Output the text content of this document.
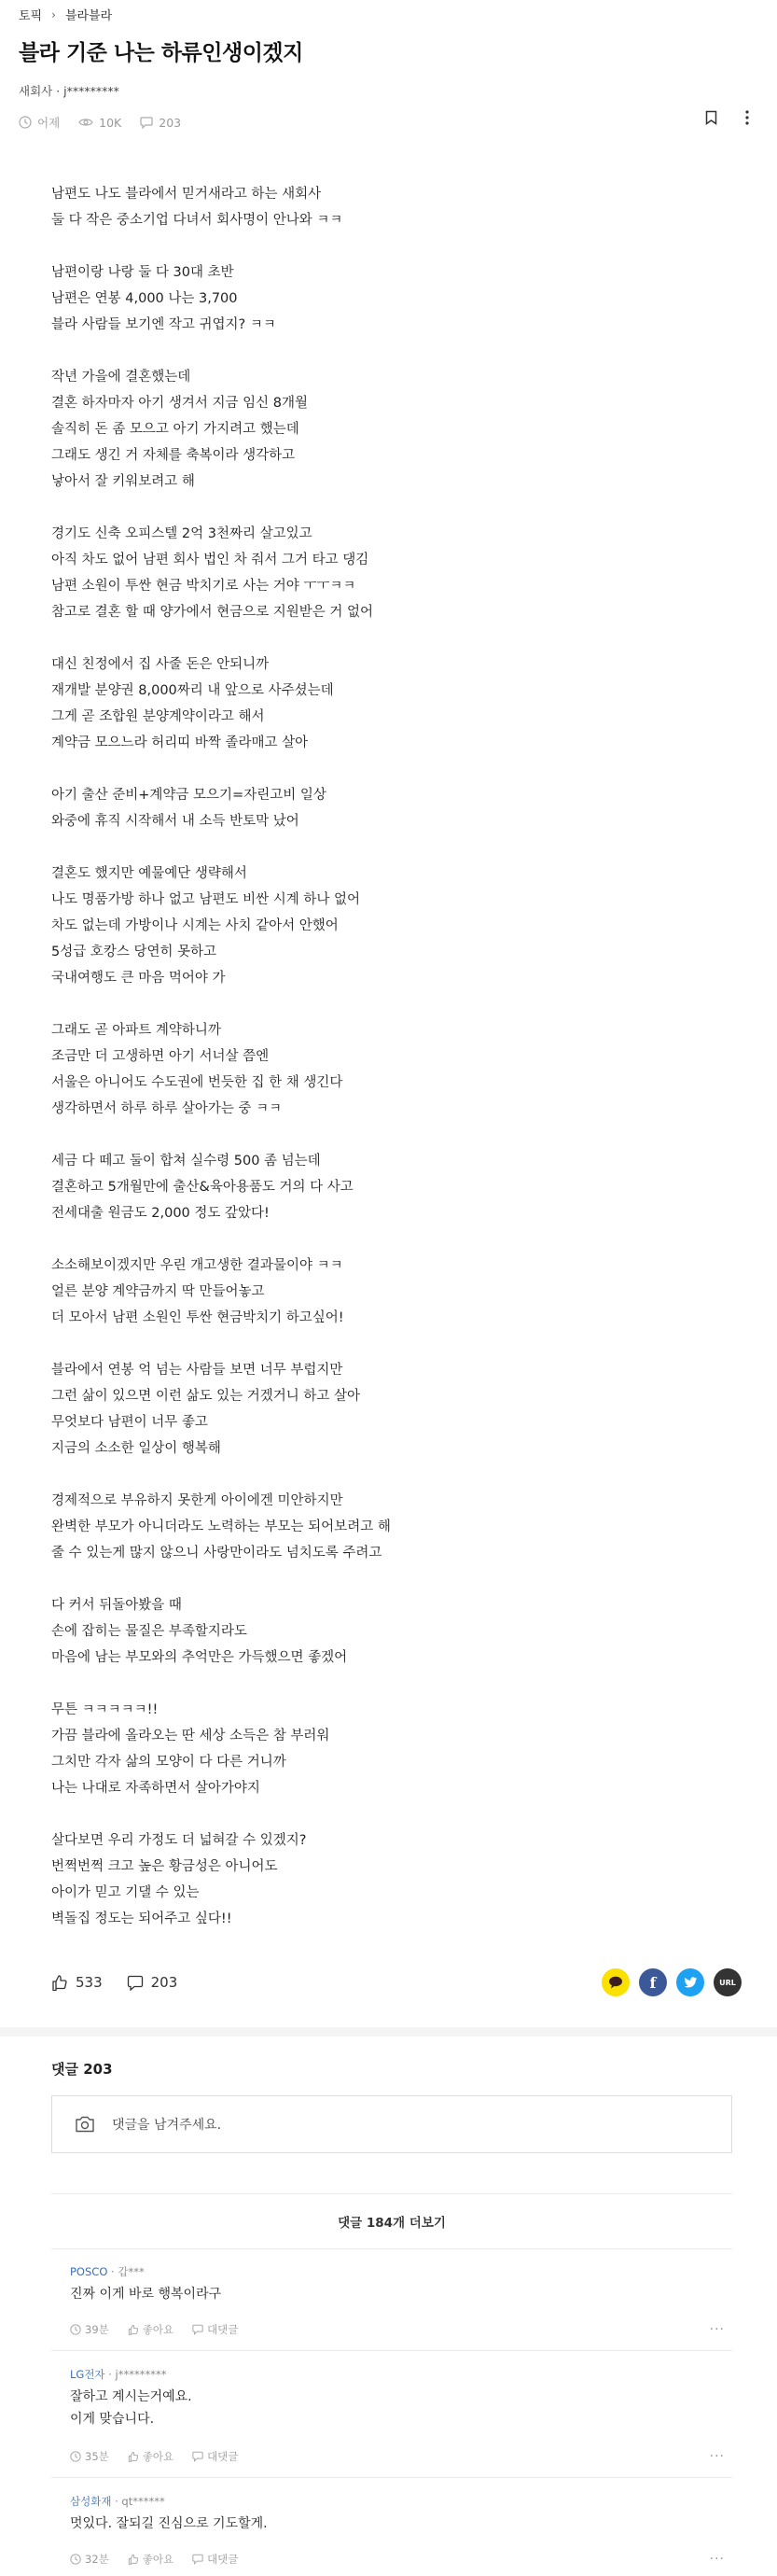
토픽 › 블라블라
블라 기준 나는 하류인생이겠지
새회사 · j*********
어제	10K	203

남편도 나도 블라에서 믿거새라고 하는 새회사
둘 다 작은 중소기업 다녀서 회사명이 안나와 ㅋㅋ

남편이랑 나랑 둘 다 30대 초반
남편은 연봉 4,000 나는 3,700
블라 사람들 보기엔 작고 귀엽지? ㅋㅋ

작년 가을에 결혼했는데
결혼 하자마자 아기 생겨서 지금 임신 8개월
솔직히 돈 좀 모으고 아기 가지려고 했는데
그래도 생긴 거 자체를 축복이라 생각하고
낳아서 잘 키워보려고 해

경기도 신축 오피스텔 2억 3천짜리 살고있고
아직 차도 없어 남편 회사 법인 차 줘서 그거 타고 댕김
남편 소원이 투싼 현금 박치기로 사는 거야 ㅜㅜㅋㅋ
참고로 결혼 할 때 양가에서 현금으로 지원받은 거 없어

대신 친정에서 집 사줄 돈은 안되니까
재개발 분양권 8,000짜리 내 앞으로 사주셨는데
그게 곧 조합원 분양계약이라고 해서
계약금 모으느라 허리띠 바짝 졸라매고 살아

아기 출산 준비+계약금 모으기=자린고비 일상
와중에 휴직 시작해서 내 소득 반토막 났어

결혼도 했지만 예물예단 생략해서
나도 명품가방 하나 없고 남편도 비싼 시계 하나 없어
차도 없는데 가방이나 시계는 사치 같아서 안했어
5성급 호캉스 당연히 못하고
국내여행도 큰 마음 먹어야 가

그래도 곧 아파트 계약하니까
조금만 더 고생하면 아기 서너살 쯤엔
서울은 아니어도 수도권에 번듯한 집 한 채 생긴다
생각하면서 하루 하루 살아가는 중 ㅋㅋ

세금 다 떼고 둘이 합쳐 실수령 500 좀 넘는데
결혼하고 5개월만에 출산&육아용품도 거의 다 사고
전세대출 원금도 2,000 정도 갚았다!

소소해보이겠지만 우린 개고생한 결과물이야 ㅋㅋ
얼른 분양 계약금까지 딱 만들어놓고
더 모아서 남편 소원인 투싼 현금박치기 하고싶어!

블라에서 연봉 억 넘는 사람들 보면 너무 부럽지만
그런 삶이 있으면 이런 삶도 있는 거겠거니 하고 살아
무엇보다 남편이 너무 좋고
지금의 소소한 일상이 행복해

경제적으로 부유하지 못한게 아이에겐 미안하지만
완벽한 부모가 아니더라도 노력하는 부모는 되어보려고 해
줄 수 있는게 많지 않으니 사랑만이라도 넘치도록 주려고

다 커서 뒤돌아봤을 때
손에 잡히는 물질은 부족할지라도
마음에 남는 부모와의 추억만은 가득했으면 좋겠어

무튼 ㅋㅋㅋㅋㅋ!!
가끔 블라에 올라오는 딴 세상 소득은 참 부러워
그치만 각자 삶의 모양이 다 다른 거니까
나는 나대로 자족하면서 살아가야지

살다보면 우리 가정도 더 넓혀갈 수 있겠지?
번쩍번쩍 크고 높은 황금성은 아니어도
아이가 믿고 기댈 수 있는
벽돌집 정도는 되어주고 싶다!!

533	203	f	URL
댓글 203
댓글을 남겨주세요.
댓글 184개 더보기
POSCO · 갑***
진짜 이게 바로 행복이라구
39분	좋아요	대댓글	···
LG전자 · j*********
잘하고 계시는거예요.
이게 맞습니다.
35분	좋아요	대댓글	···
삼성화재 · qt******
멋있다. 잘되길 진심으로 기도할게.
32분	좋아요	대댓글	···
